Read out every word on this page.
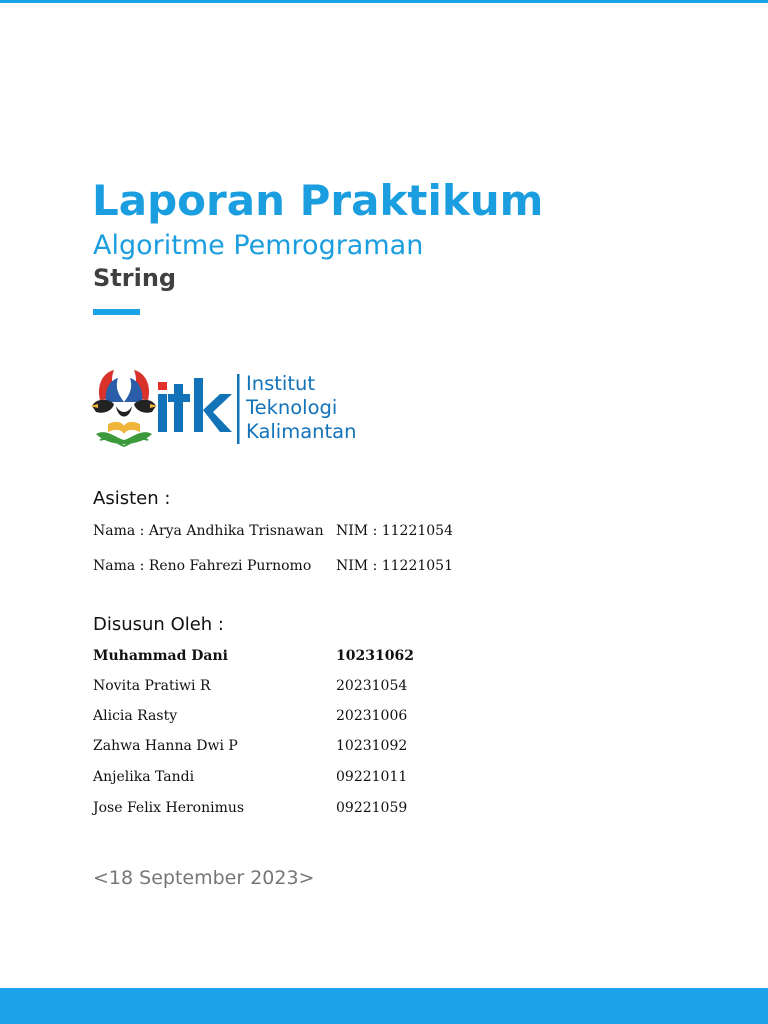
Laporan Praktikum
Algoritme Pemrograman
String
Institut
Teknologi
Kalimantan
Asisten :
Nama : Arya Andhika Trisnawan NIM : 11221054
Nama : Reno Fahrezi Purnomo NIM : 11221051
Disusun Oleh :
Muhammad Dani	10231062
Novita Pratiwi R	20231054
Alicia Rasty	20231006
Zahwa Hanna Dwi P	10231092
Anjelika Tandi	09221011
Jose Felix Heronimus	09221059
<18 September 2023>
